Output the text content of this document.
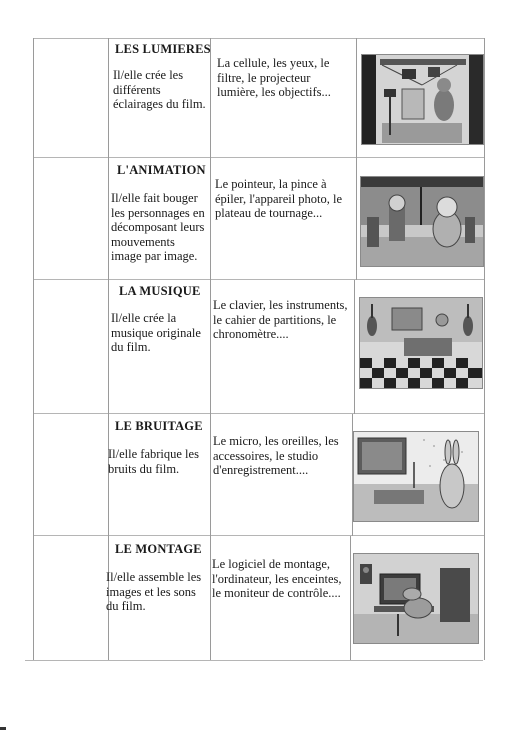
LES LUMIERES
Il/elle crée les différents éclairages du film.
La cellule, les yeux, le filtre, le projecteur lumière, les objectifs...
L'ANIMATION
Il/elle fait bouger les personnages en décomposant leurs mouvements image par image.
Le pointeur, la pince à épiler, l'appareil photo, le plateau de tournage...
LA MUSIQUE
Il/elle crée la musique originale du film.
Le clavier, les instruments, le cahier de partitions, le chronomètre....
LE BRUITAGE
Il/elle fabrique les bruits du film.
Le micro, les oreilles, les accessoires, le studio d'enregistrement....
LE MONTAGE
Il/elle assemble les images et les sons du film.
Le logiciel de montage, l'ordinateur, les enceintes, le moniteur de contrôle....
